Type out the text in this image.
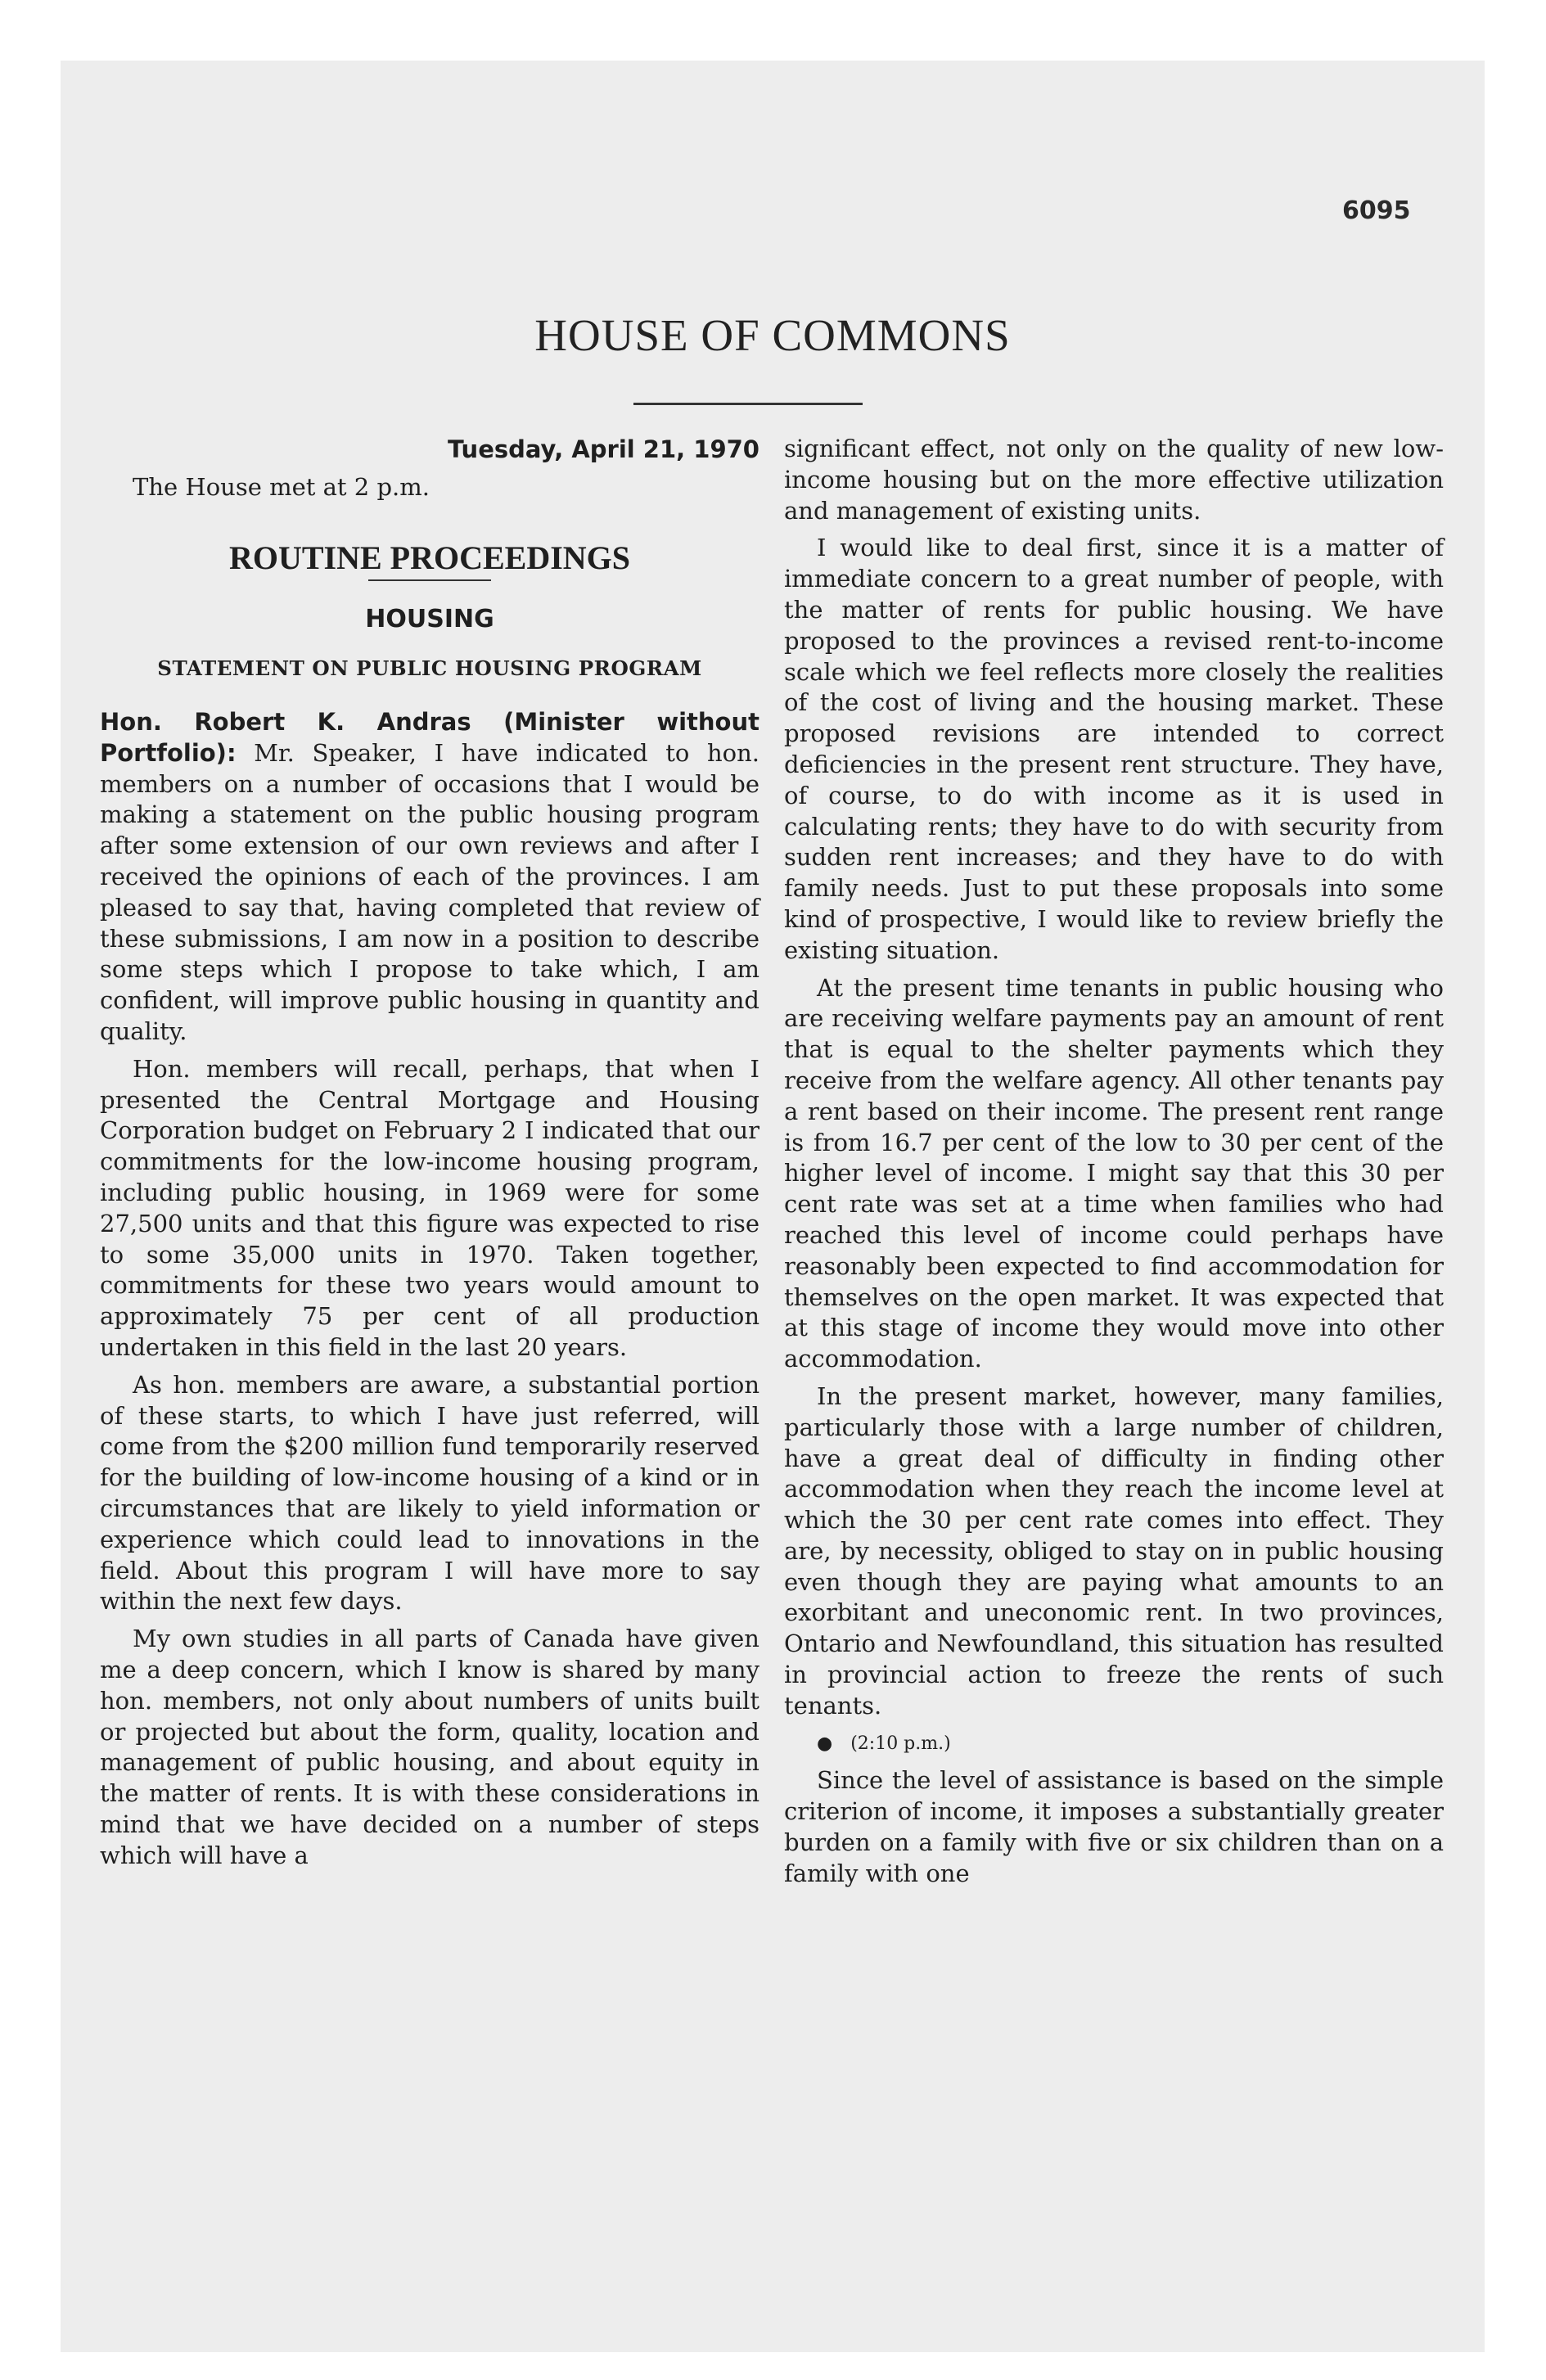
6095

HOUSE OF COMMONS

Tuesday, April 21, 1970

The House met at 2 p.m.

ROUTINE PROCEEDINGS
HOUSING
STATEMENT ON PUBLIC HOUSING PROGRAM

Hon. Robert K. Andras (Minister without Portfolio): Mr. Speaker, I have indicated to hon. members on a number of occasions that I would be making a statement on the public housing program after some extension of our own reviews and after I received the opinions of each of the provinces. I am pleased to say that, having completed that review of these submissions, I am now in a position to describe some steps which I propose to take which, I am confident, will improve public housing in quantity and quality.

Hon. members will recall, perhaps, that when I presented the Central Mortgage and Housing Corporation budget on February 2 I indicated that our commitments for the low-income housing program, including public housing, in 1969 were for some 27,500 units and that this figure was expected to rise to some 35,000 units in 1970. Taken together, commitments for these two years would amount to approximately 75 per cent of all production undertaken in this field in the last 20 years.

As hon. members are aware, a substantial portion of these starts, to which I have just referred, will come from the $200 million fund temporarily reserved for the building of low-income housing of a kind or in circumstances that are likely to yield information or experience which could lead to innovations in the field. About this program I will have more to say within the next few days.

My own studies in all parts of Canada have given me a deep concern, which I know is shared by many hon. members, not only about numbers of units built or projected but about the form, quality, location and management of public housing, and about equity in the matter of rents. It is with these considerations in mind that we have decided on a number of steps which will have a

significant effect, not only on the quality of new low-income housing but on the more effective utilization and management of existing units.

I would like to deal first, since it is a matter of immediate concern to a great number of people, with the matter of rents for public housing. We have proposed to the provinces a revised rent-to-income scale which we feel reflects more closely the realities of the cost of living and the housing market. These proposed revisions are intended to correct deficiencies in the present rent structure. They have, of course, to do with income as it is used in calculating rents; they have to do with security from sudden rent increases; and they have to do with family needs. Just to put these proposals into some kind of prospective, I would like to review briefly the existing situation.

At the present time tenants in public housing who are receiving welfare payments pay an amount of rent that is equal to the shelter payments which they receive from the welfare agency. All other tenants pay a rent based on their income. The present rent range is from 16.7 per cent of the low to 30 per cent of the higher level of income. I might say that this 30 per cent rate was set at a time when families who had reached this level of income could perhaps have reasonably been expected to find accommodation for themselves on the open market. It was expected that at this stage of income they would move into other accommodation.

In the present market, however, many families, particularly those with a large number of children, have a great deal of difficulty in finding other accommodation when they reach the income level at which the 30 per cent rate comes into effect. They are, by necessity, obliged to stay on in public housing even though they are paying what amounts to an exorbitant and uneconomic rent. In two provinces, Ontario and Newfoundland, this situation has resulted in provincial action to freeze the rents of such tenants.

● (2:10 p.m.)

Since the level of assistance is based on the simple criterion of income, it imposes a substantially greater burden on a family with five or six children than on a family with one
